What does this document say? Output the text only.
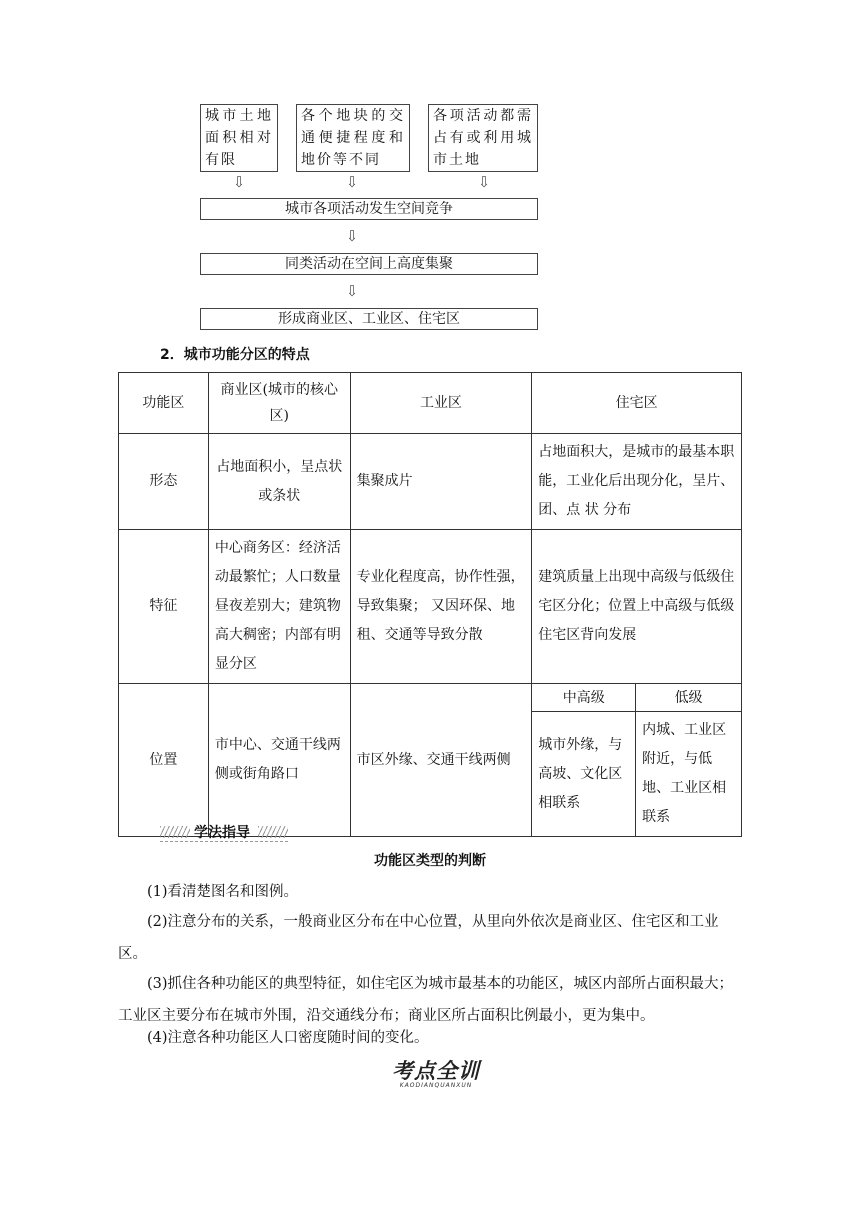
城市土地面积相对有限
各个地块的交通便捷程度和地价等不同
各项活动都需占有或利用城市土地
⇩	⇩	⇩
城市各项活动发生空间竞争
⇩
同类活动在空间上高度集聚
⇩
形成商业区、工业区、住宅区
2．城市功能分区的特点
功能区	商业区(城市的核心区)	工业区	住宅区	

形态	占地面积小，呈点状或条状	集聚成片	占地面积大，是城市的最基本职能，工业化后出现分化，呈片、团、点 状 分布	

特征	中心商务区：经济活动最繁忙；人口数量昼夜差别大；建筑物高大稠密；内部有明显分区	专业化程度高，协作性强，导致集聚； 又因环保、地 租、交通等导致分散	建筑质量上出现中高级与低级住宅区分化；位置上中高级与低级住宅区背向发展	

位置	市中心、交通干线两侧或街角路口	市区外缘、交通干线两侧	中高级	低级

			城市外缘，与高坡、文化区相联系	内城、工业区附近，与低地、工业区相联系
学法指导
功能区类型的判断
(1)看清楚图名和图例。
(2)注意分布的关系，一般商业区分布在中心位置，从里向外依次是商业区、住宅区和工业区。
(3)抓住各种功能区的典型特征，如住宅区为城市最基本的功能区，城区内部所占面积最大；工业区主要分布在城市外围，沿交通线分布；商业区所占面积比例最小，更为集中。
(4)注意各种功能区人口密度随时间的变化。
考点全训
KAODIANQUANXUN
